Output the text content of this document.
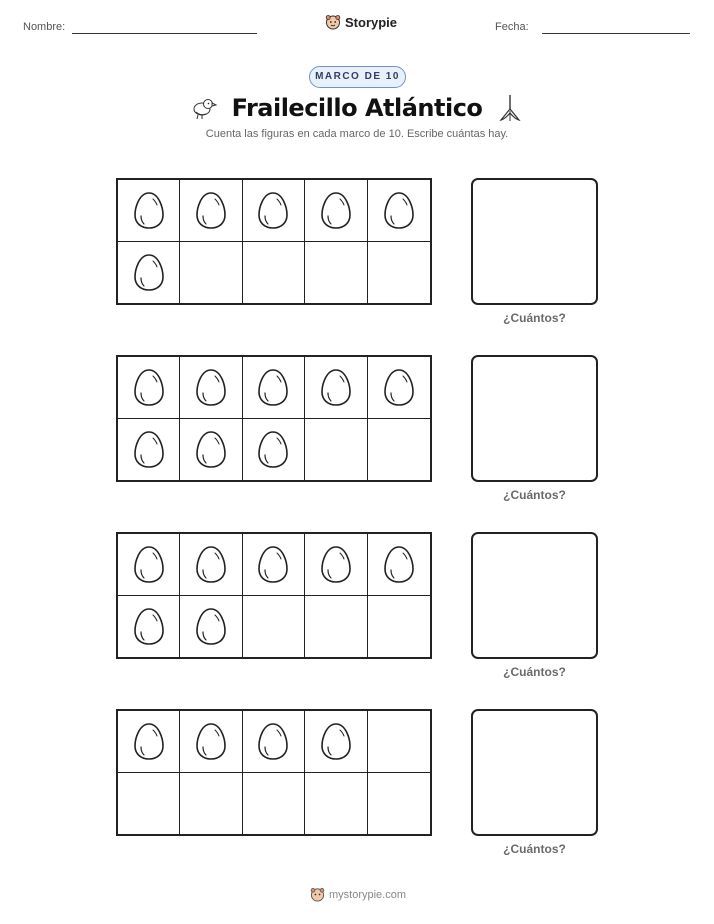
Nombre:	Storypie	Fecha:
MARCO DE 10
Frailecillo Atlántico
Cuenta las figuras en cada marco de 10. Escribe cuántas hay.
¿Cuántos?
¿Cuántos?
¿Cuántos?
¿Cuántos?
mystorypie.com
